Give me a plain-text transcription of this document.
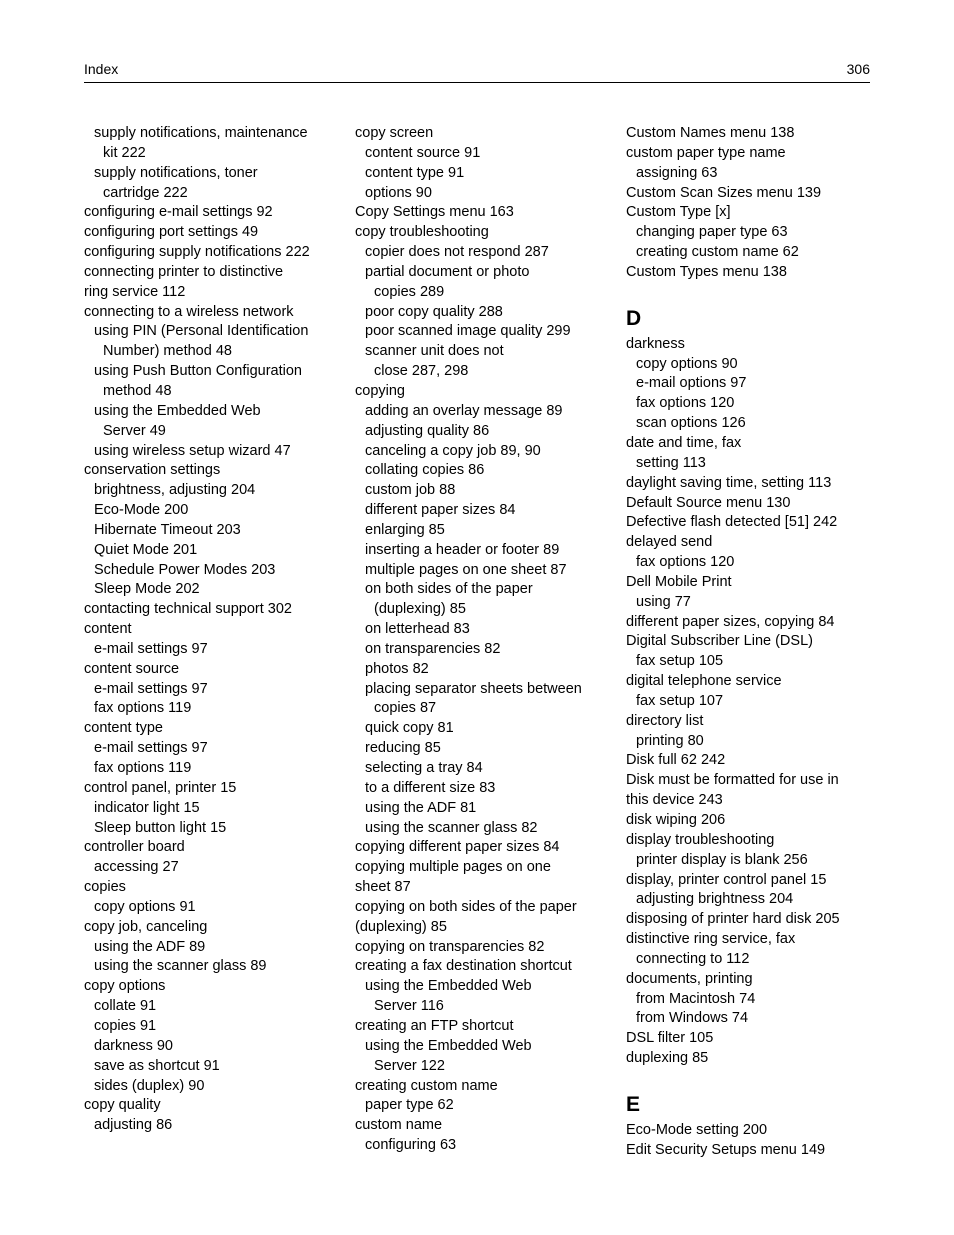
Index	306
supply notifications, maintenance
kit 222
supply notifications, toner
cartridge 222
configuring e‑mail settings 92
configuring port settings 49
configuring supply notifications 222
connecting printer to distinctive
ring service 112
connecting to a wireless network
using PIN (Personal Identification
Number) method 48
using Push Button Configuration
method 48
using the Embedded Web
Server 49
using wireless setup wizard 47
conservation settings
brightness, adjusting 204
Eco‑Mode 200
Hibernate Timeout 203
Quiet Mode 201
Schedule Power Modes 203
Sleep Mode 202
contacting technical support 302
content
e‑mail settings 97
content source
e‑mail settings 97
fax options 119
content type
e‑mail settings 97
fax options 119
control panel, printer 15
indicator light 15
Sleep button light 15
controller board
accessing 27
copies
copy options 91
copy job, canceling
using the ADF 89
using the scanner glass 89
copy options
collate 91
copies 91
darkness 90
save as shortcut 91
sides (duplex) 90
copy quality
adjusting 86
copy screen
content source 91
content type 91
options 90
Copy Settings menu 163
copy troubleshooting
copier does not respond 287
partial document or photo
copies 289
poor copy quality 288
poor scanned image quality 299
scanner unit does not
close 287, 298
copying
adding an overlay message 89
adjusting quality 86
canceling a copy job 89, 90
collating copies 86
custom job 88
different paper sizes 84
enlarging 85
inserting a header or footer 89
multiple pages on one sheet 87
on both sides of the paper
(duplexing) 85
on letterhead 83
on transparencies 82
photos 82
placing separator sheets between
copies 87
quick copy 81
reducing 85
selecting a tray 84
to a different size 83
using the ADF 81
using the scanner glass 82
copying different paper sizes 84
copying multiple pages on one
sheet 87
copying on both sides of the paper
(duplexing) 85
copying on transparencies 82
creating a fax destination shortcut
using the Embedded Web
Server 116
creating an FTP shortcut
using the Embedded Web
Server 122
creating custom name
paper type 62
custom name
configuring 63
Custom Names menu 138
custom paper type name
assigning 63
Custom Scan Sizes menu 139
Custom Type [x]
changing paper type 63
creating custom name 62
Custom Types menu 138
D
darkness
copy options 90
e‑mail options 97
fax options 120
scan options 126
date and time, fax
setting 113
daylight saving time, setting 113
Default Source menu 130
Defective flash detected [51] 242
delayed send
fax options 120
Dell Mobile Print
using 77
different paper sizes, copying 84
Digital Subscriber Line (DSL)
fax setup 105
digital telephone service
fax setup 107
directory list
printing 80
Disk full 62 242
Disk must be formatted for use in
this device 243
disk wiping 206
display troubleshooting
printer display is blank 256
display, printer control panel 15
adjusting brightness 204
disposing of printer hard disk 205
distinctive ring service, fax
connecting to 112
documents, printing
from Macintosh 74
from Windows 74
DSL filter 105
duplexing 85
E
Eco‑Mode setting 200
Edit Security Setups menu 149
